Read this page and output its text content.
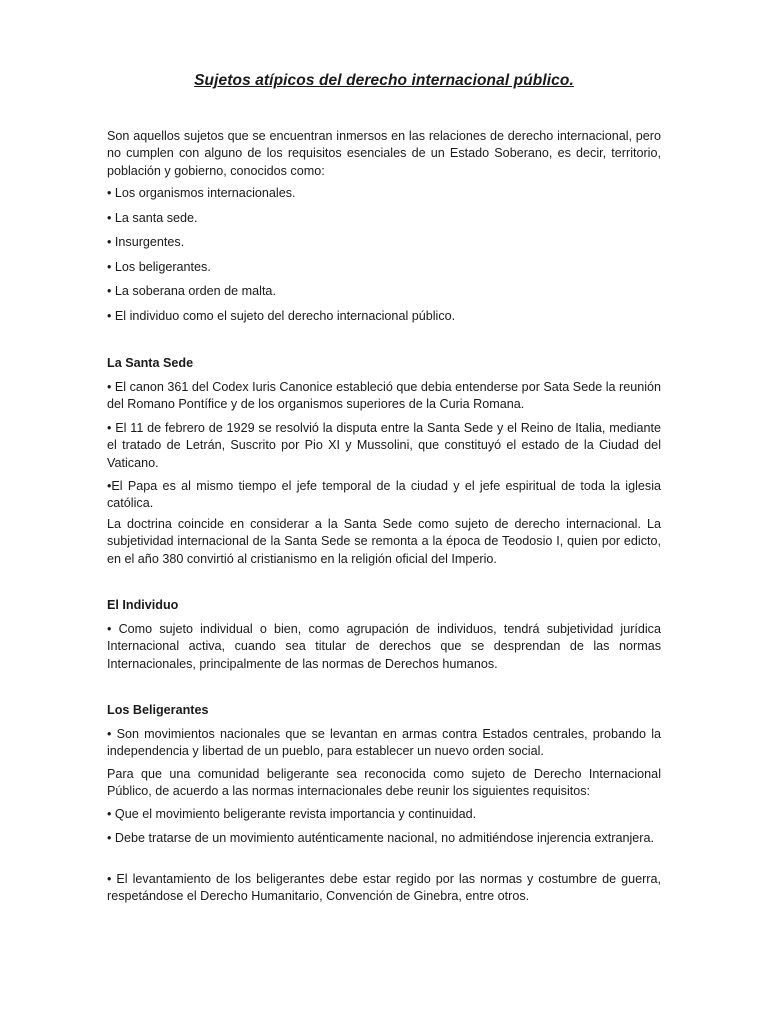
Sujetos atípicos del derecho internacional público.
Son aquellos sujetos que se encuentran inmersos en las relaciones de derecho internacional, pero no cumplen con alguno de los requisitos esenciales de un Estado Soberano, es decir, territorio, población y gobierno, conocidos como:
• Los organismos internacionales.
• La santa sede.
• Insurgentes.
• Los beligerantes.
• La soberana orden de malta.
• El individuo como el sujeto del derecho internacional público.
La Santa Sede
• El canon 361 del Codex Iuris Canonice estableció que debia entenderse por Sata Sede la reunión del Romano Pontífice y de los organismos superiores de la Curia Romana.
• El 11 de febrero de 1929 se resolvió la disputa entre la Santa Sede y el Reino de Italia, mediante el tratado de Letrán, Suscrito por Pio XI y Mussolini, que constituyó el estado de la Ciudad del Vaticano.
•El Papa es al mismo tiempo el jefe temporal de la ciudad y el jefe espiritual de toda la iglesia católica.
La doctrina coincide en considerar a la Santa Sede como sujeto de derecho internacional. La subjetividad internacional de la Santa Sede se remonta a la época de Teodosio I, quien por edicto, en el año 380 convirtió al cristianismo en la religión oficial del Imperio.
El Individuo
• Como sujeto individual o bien, como agrupación de individuos, tendrá subjetividad jurídica Internacional activa, cuando sea titular de derechos que se desprendan de las normas Internacionales, principalmente de las normas de Derechos humanos.
Los Beligerantes
• Son movimientos nacionales que se levantan en armas contra Estados centrales, probando la independencia y libertad de un pueblo, para establecer un nuevo orden social.
Para que una comunidad beligerante sea reconocida como sujeto de Derecho Internacional Público, de acuerdo a las normas internacionales debe reunir los siguientes requisitos:
• Que el movimiento beligerante revista importancia y continuidad.
• Debe tratarse de un movimiento auténticamente nacional, no admitiéndose injerencia extranjera.
• El levantamiento de los beligerantes debe estar regido por las normas y costumbre de guerra, respetándose el Derecho Humanitario, Convención de Ginebra, entre otros.
